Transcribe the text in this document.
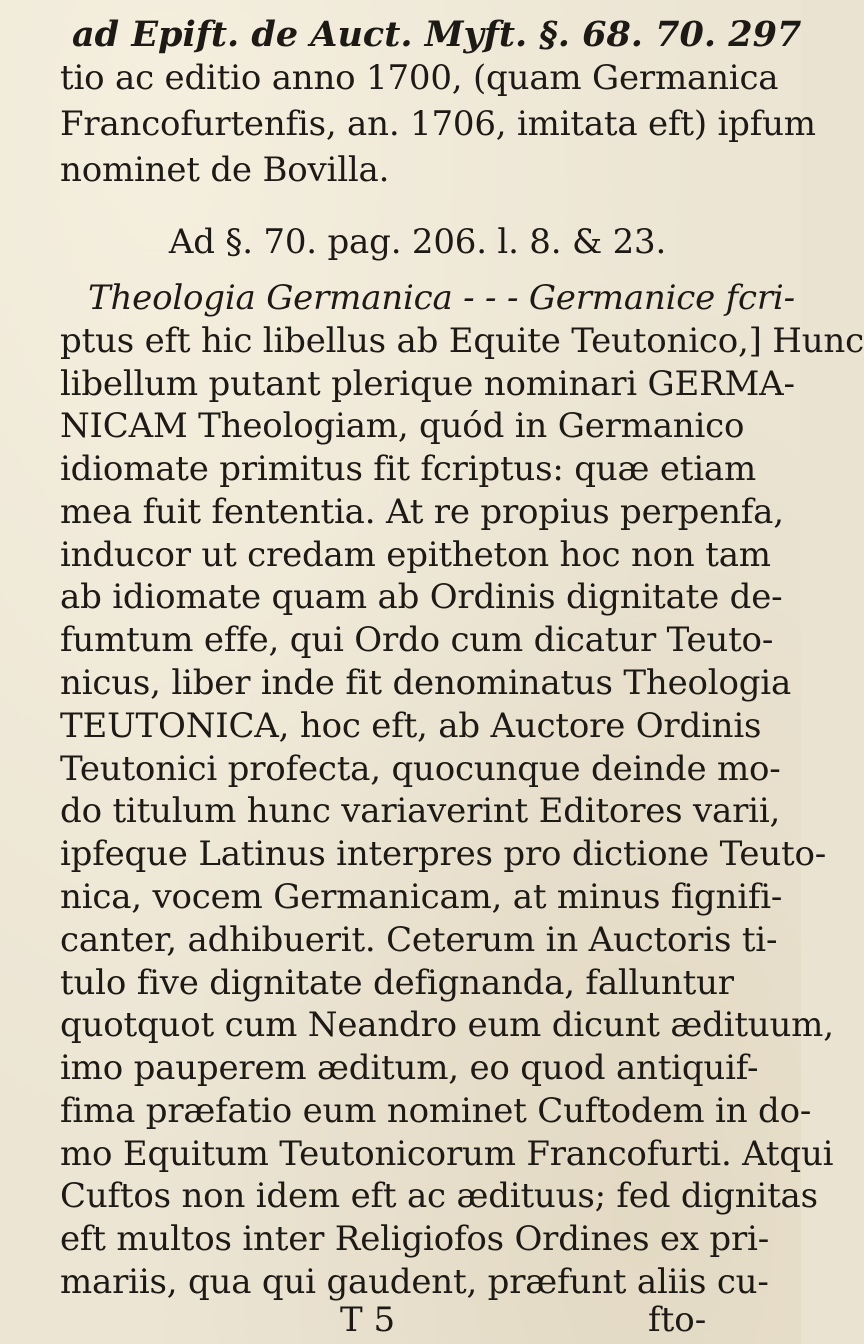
ad Epift. de Auct. Myft. §. 68. 70. 297
tio ac editio anno 1700, (quam Germanica
Francofurtenfis, an. 1706, imitata eft) ipfum
nominet de Bovilla.
Ad §. 70. pag. 206. l. 8. & 23.
T 5	fto-
Theologia Germanica - - - Germanice fcri-
ptus eft hic libellus ab Equite Teutonico,] Hunc
libellum putant plerique nominari GERMA-
NICAM Theologiam, quód in Germanico
idiomate primitus fit fcriptus: quæ etiam
mea fuit fententia. At re propius perpenfa,
inducor ut credam epitheton hoc non tam
ab idiomate quam ab Ordinis dignitate de-
fumtum effe, qui Ordo cum dicatur Teuto-
nicus, liber inde fit denominatus Theologia
TEUTONICA, hoc eft, ab Auctore Ordinis
Teutonici profecta, quocunque deinde mo-
do titulum hunc variaverint Editores varii,
ipfeque Latinus interpres pro dictione Teuto-
nica, vocem Germanicam, at minus fignifi-
canter, adhibuerit. Ceterum in Auctoris ti-
tulo five dignitate defignanda, falluntur
quotquot cum Neandro eum dicunt ædituum,
imo pauperem æditum, eo quod antiquif-
fima præfatio eum nominet Cuftodem in do-
mo Equitum Teutonicorum Francofurti. Atqui
Cuftos non idem eft ac ædituus; fed dignitas
eft multos inter Religiofos Ordines ex pri-
mariis, qua qui gaudent, præfunt aliis cu-
